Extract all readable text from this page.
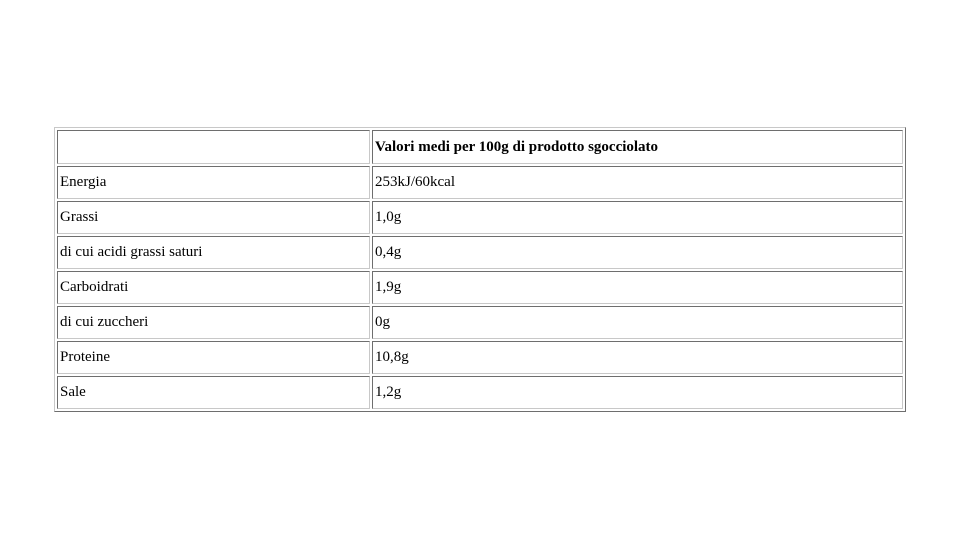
	Valori medi per 100g di prodotto sgocciolato
Energia	253kJ/60kcal
Grassi	1,0g
di cui acidi grassi saturi	0,4g
Carboidrati	1,9g
di cui zuccheri	0g
Proteine	10,8g
Sale	1,2g
